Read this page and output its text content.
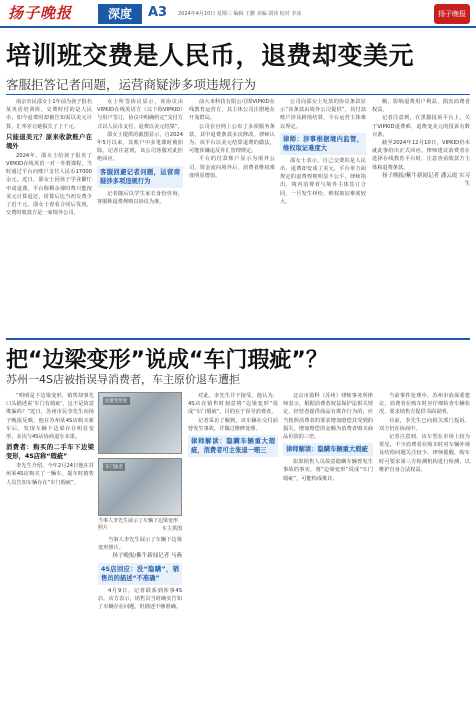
扬子晚报	深度	A3 2024年4月10日 星期三 编辑 王鹏 美编 胡伟 校对 李冰	扬子晚报
培训班交费是人民币，退费却变美元
客服拒答记者问题，运营商疑涉多项违规行为

南京市民邵女士1年前为孩子报名某英语培训班，交费时付的是人民币，如今退费时却被告知需以美元计算，汇率差让她损失了上千元。

只能退美元？原来收款账户在境外

2024年，邵女士给孩子报名了VIPKID在线英语一对一外教课程，当时通过平台向账户支付人民币17000余元。近日，邵女士因孩子学业繁忙申请退课，平台称剩余课时费只能按美元计算退还，折算后比当初交费少了近千元。邵女士查看合同后发现，交费时收款方是一家境外公司。

女士所签协议显示，该协议由VIPKID在线英语方（以下称VIPKID）与用户签订，协议中明确约定“支付方式以人民币支付，退费以美元结算”。

邵女士提供的截图显示，自2024年5月以来，其账户中多笔课时被扣除。记者注意到，该公司客服对此拒绝回应。

客服回避记者问题，运营商疑涉多项违规行为

记者随后以学生家长身份咨询，客服称退费规则以协议为准。

前大米科技有限公司即VIPKID在线教育运营方，其主体公司注册地在开曼群岛。

公司在官网上公布了多项服务条款，其中退费条款多次修改。律师认为，该平台以美元结算退费的做法，可能涉嫌违反外汇管理规定。

平台的付款账户显示为境外公司，资金流向境外后，消费者维权难度明显增加。

公司向邵女士发放的协议条款显示“该条款由境外公司提供”，其付款账户涉及跨境结算，平台运营主体难以界定。

律师：涉事根据境内监管，维权取证难度大

邵女士表示，自己交费的是人民币，退费却变成了美元，平台单方面规定的退费规则明显不公平。律师指出，境内消费者与境外主体签订合同，一旦发生纠纷，维权取证难度较大。

额，影响退费用户利益，损害消费者权益。

记者注意到，在黑猫投诉平台上，关于VIPKID退费难、退费变美元的投诉有数百条。

截至2024年12月10日，VIPKID仍未就此事给出正式回应。律师建议消费者在选择在线教育平台时，注意查看收款方主体和退费条款。

扬子晚报/紫牛新闻记者 潘云霞 实习生

把“边梁变形”说成“车门瑕疵”？
苏州一4S店被指误导消费者，车主原价退车遭拒

“明明是下边梁变形，销售却事先口头描述说‘车门有瑕疵’，这不是故意欺骗吗？”近日，苏州市民李先生向扬子晚报反映，他在苏州某4S店购买新车后，发现车辆下边梁存在明显变形，多次与4S店协商退车未果。

消费者：购买的二手车下边梁变形，4S店称“瑕疵”

李先生介绍，今年2月24日他在苏州某4S店购买了一辆车，提车时销售人员告知车辆存在“车门瑕疵”。

边梁变形处
车门钣金
当事人李先生展示了车辆下边梁变形照片	车主供图

当事人李先生展示了车辆下边梁变形照片。

扬子晚报/紫牛新闻记者 马燕

4S店回应：没“隐瞒”，销售员的描述“不准确”

4月9日，记者联系到涉事4S店。店方表示，销售员当时确实告知了车辆存在问题，但描述不够准确。

对此，李先生并不接受。他认为，4S店在销售时刻意将“边梁变形”说成“车门瑕疵”，目的在于误导消费者。

记者采访了解到，该车辆在交付前曾发生事故，并做过维修处理。

律师解读：隐瞒车辆重大瑕疵，消费者可主张退一赔三

北京市盈科（苏州）律师事务所律师表示，根据消费者权益保护法相关规定，经营者提供商品有欺诈行为的，应当按照消费者的要求增加赔偿其受到的损失，增加赔偿的金额为消费者购买商品价款的三倍。

律师解读：隐瞒车辆重大瑕疵

如果销售人员故意隐瞒车辆曾发生事故的事实，将“边梁变形”说成“车门瑕疵”，可能构成欺诈。

当前事件处理中，苏州市消保委建议，消费者在购车时应仔细检查车辆状况，要求销售方提供书面说明。

目前，李先生已向相关部门投诉，双方仍在协商中。

记者注意到，该车型在市场上较为常见，不少消费者在购买时对车辆外观及结构问题关注较少。律师提醒，购车时可要求第三方检测机构进行检测，以维护自身合法权益。
